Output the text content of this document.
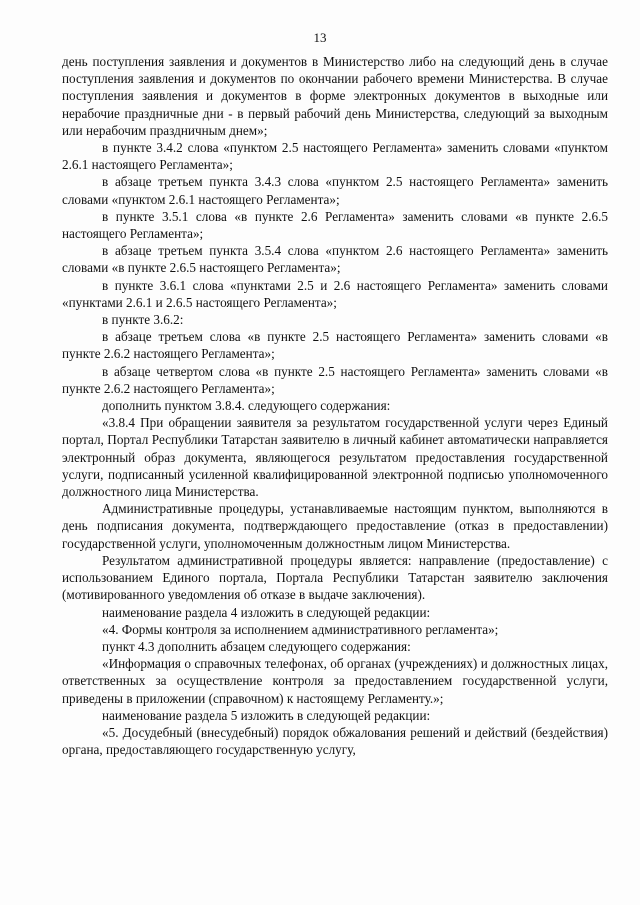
13

день поступления заявления и документов в Министерство либо на следующий день в случае поступления заявления и документов по окончании рабочего времени Министерства. В случае поступления заявления и документов в форме электронных документов в выходные или нерабочие праздничные дни - в первый рабочий день Министерства, следующий за выходным или нерабочим праздничным днем»;

в пункте 3.4.2 слова «пунктом 2.5 настоящего Регламента» заменить словами «пунктом 2.6.1 настоящего Регламента»;

в абзаце третьем пункта 3.4.3 слова «пунктом 2.5 настоящего Регламента» заменить словами «пунктом 2.6.1 настоящего Регламента»;

в пункте 3.5.1 слова «в пункте 2.6 Регламента» заменить словами «в пункте 2.6.5 настоящего Регламента»;

в абзаце третьем пункта 3.5.4 слова «пунктом 2.6 настоящего Регламента» заменить словами «в пункте 2.6.5 настоящего Регламента»;

в пункте 3.6.1 слова «пунктами 2.5 и 2.6 настоящего Регламента» заменить словами «пунктами 2.6.1 и 2.6.5 настоящего Регламента»;

в пункте 3.6.2:

в абзаце третьем слова «в пункте 2.5 настоящего Регламента» заменить словами «в пункте 2.6.2 настоящего Регламента»;

в абзаце четвертом слова «в пункте 2.5 настоящего Регламента» заменить словами «в пункте 2.6.2 настоящего Регламента»;

дополнить пунктом 3.8.4. следующего содержания:

«3.8.4 При обращении заявителя за результатом государственной услуги через Единый портал, Портал Республики Татарстан заявителю в личный кабинет автоматически направляется электронный образ документа, являющегося результатом предоставления государственной услуги, подписанный усиленной квалифицированной электронной подписью уполномоченного должностного лица Министерства.

Административные процедуры, устанавливаемые настоящим пунктом, выполняются в день подписания документа, подтверждающего предоставление (отказ в предоставлении) государственной услуги, уполномоченным должностным лицом Министерства.

Результатом административной процедуры является: направление (предоставление) с использованием Единого портала, Портала Республики Татарстан заявителю заключения (мотивированного уведомления об отказе в выдаче заключения).

наименование раздела 4 изложить в следующей редакции:

«4. Формы контроля за исполнением административного регламента»;

пункт 4.3 дополнить абзацем следующего содержания:

«Информация о справочных телефонах, об органах (учреждениях) и должностных лицах, ответственных за осуществление контроля за предоставлением государственной услуги, приведены в приложении (справочном) к настоящему Регламенту.»;

наименование раздела 5 изложить в следующей редакции:

«5. Досудебный (внесудебный) порядок обжалования решений и действий (бездействия) органа, предоставляющего государственную услугу,
